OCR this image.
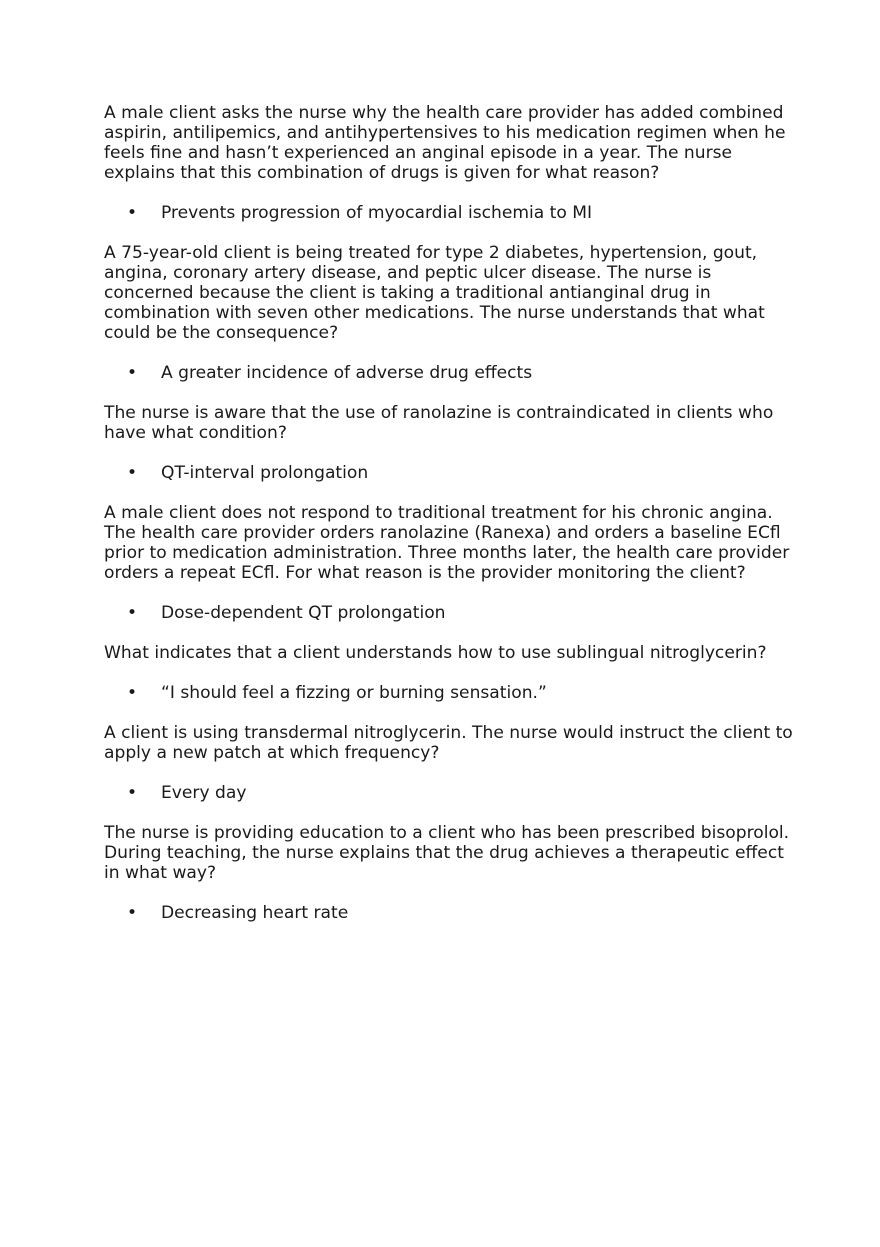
A male client asks the nurse why the health care provider has added combined aspirin, antilipemics, and antihypertensives to his medication regimen when he feels fine and hasn’t experienced an anginal episode in a year. The nurse explains that this combination of drugs is given for what reason?

• Prevents progression of myocardial ischemia to MI

A 75-year-old client is being treated for type 2 diabetes, hypertension, gout, angina, coronary artery disease, and peptic ulcer disease. The nurse is concerned because the client is taking a traditional antianginal drug in combination with seven other medications. The nurse understands that what could be the consequence?

• A greater incidence of adverse drug effects

The nurse is aware that the use of ranolazine is contraindicated in clients who have what condition?

• QT-interval prolongation

A male client does not respond to traditional treatment for his chronic angina. The health care provider orders ranolazine (Ranexa) and orders a baseline ECﬂ prior to medication administration. Three months later, the health care provider orders a repeat ECﬂ. For what reason is the provider monitoring the client?

• Dose-dependent QT prolongation

What indicates that a client understands how to use sublingual nitroglycerin?

• “I should feel a fizzing or burning sensation.”

A client is using transdermal nitroglycerin. The nurse would instruct the client to apply a new patch at which frequency?

• Every day

The nurse is providing education to a client who has been prescribed bisoprolol. During teaching, the nurse explains that the drug achieves a therapeutic effect in what way?

• Decreasing heart rate
